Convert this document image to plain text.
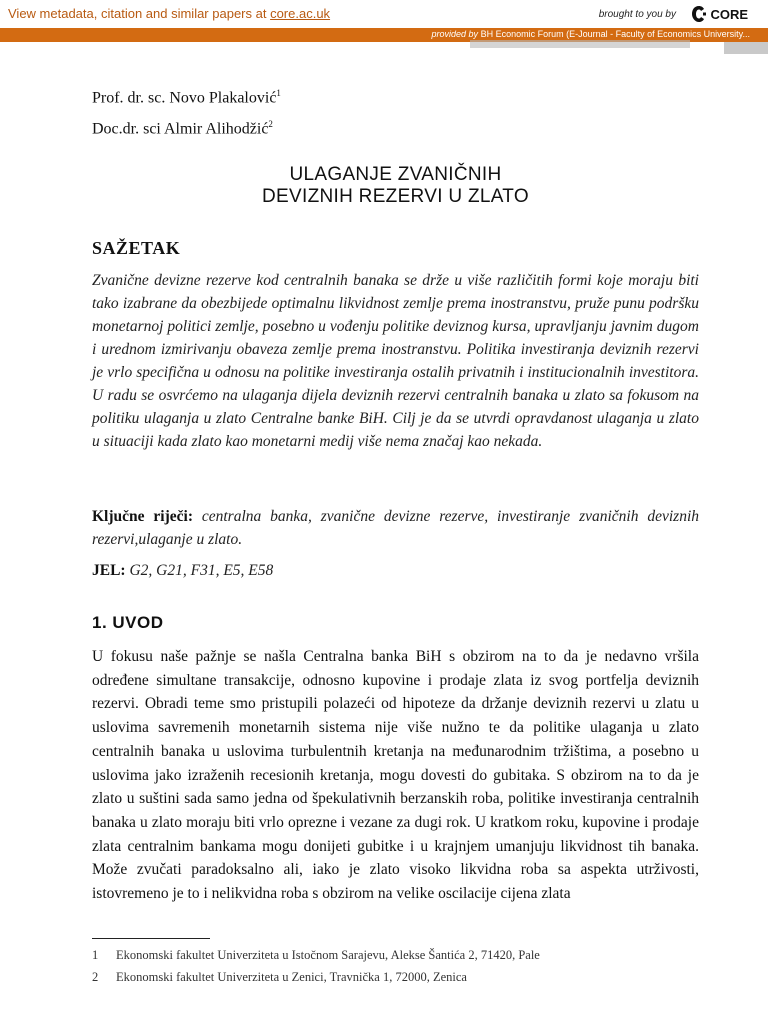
View metadata, citation and similar papers at core.ac.uk	brought to you by	CORE
provided by BH Economic Forum (E-Journal - Faculty of Economics University...

Prof. dr. sc. Novo Plakalović$^1$

Doc.dr. sci Almir Alihodžić$^2$

ULAGANJE ZVANIČNIH
DEVIZNIH REZERVI U ZLATO
SAŽETAK

Zvanične devizne rezerve kod centralnih banaka se drže u više različitih formi koje moraju biti tako izabrane da obezbijede optimalnu likvidnost zemlje prema inostranstvu, pruže punu podršku monetarnoj politici zemlje, posebno u vođenju politike deviznog kursa, upravljanju javnim dugom i urednom izmirivanju obaveza zemlje prema inostranstvu. Politika investiranja deviznih rezervi je vrlo specifična u odnosu na politike investiranja ostalih privatnih i institucionalnih investitora. U radu se osvrćemo na ulaganja dijela deviznih rezervi centralnih banaka u zlato sa fokusom na politiku ulaganja u zlato Centralne banke BiH. Cilj je da se utvrdi opravdanost ulaganja u zlato u situaciji kada zlato kao monetarni medij više nema značaj kao nekada.

Ključne riječi: centralna banka, zvanične devizne rezerve, investiranje zvaničnih deviznih rezervi,ulaganje u zlato.

JEL: G2, G21, F31, E5, E58

1. UVOD

U fokusu naše pažnje se našla Centralna banka BiH s obzirom na to da je nedavno vršila određene simultane transakcije, odnosno kupovine i prodaje zlata iz svog portfelja deviznih rezervi. Obradi teme smo pristupili polazeći od hipoteze da držanje deviznih rezervi u zlatu u uslovima savremenih monetarnih sistema nije više nužno te da politike ulaganja u zlato centralnih banaka u uslovima turbulentnih kretanja na međunarodnim tržištima, a posebno u uslovima jako izraženih recesionih kretanja, mogu dovesti do gubitaka. S obzirom na to da je zlato u suštini sada samo jedna od špekulativnih berzanskih roba, politike investiranja centralnih banaka u zlato moraju biti vrlo oprezne i vezane za dugi rok. U kratkom roku, kupovine i prodaje zlata centralnim bankama mogu donijeti gubitke i u krajnjem umanjuju likvidnost tih banaka. Može zvučati paradoksalno ali, iako je zlato visoko likvidna roba sa aspekta utrživosti, istovremeno je to i nelikvidna roba s obzirom na velike oscilacije cijena zlata

1	Ekonomski fakultet Univerziteta u Istočnom Sarajevu, Alekse Šantića 2, 71420, Pale
2	Ekonomski fakultet Univerziteta u Zenici, Travnička 1, 72000, Zenica
